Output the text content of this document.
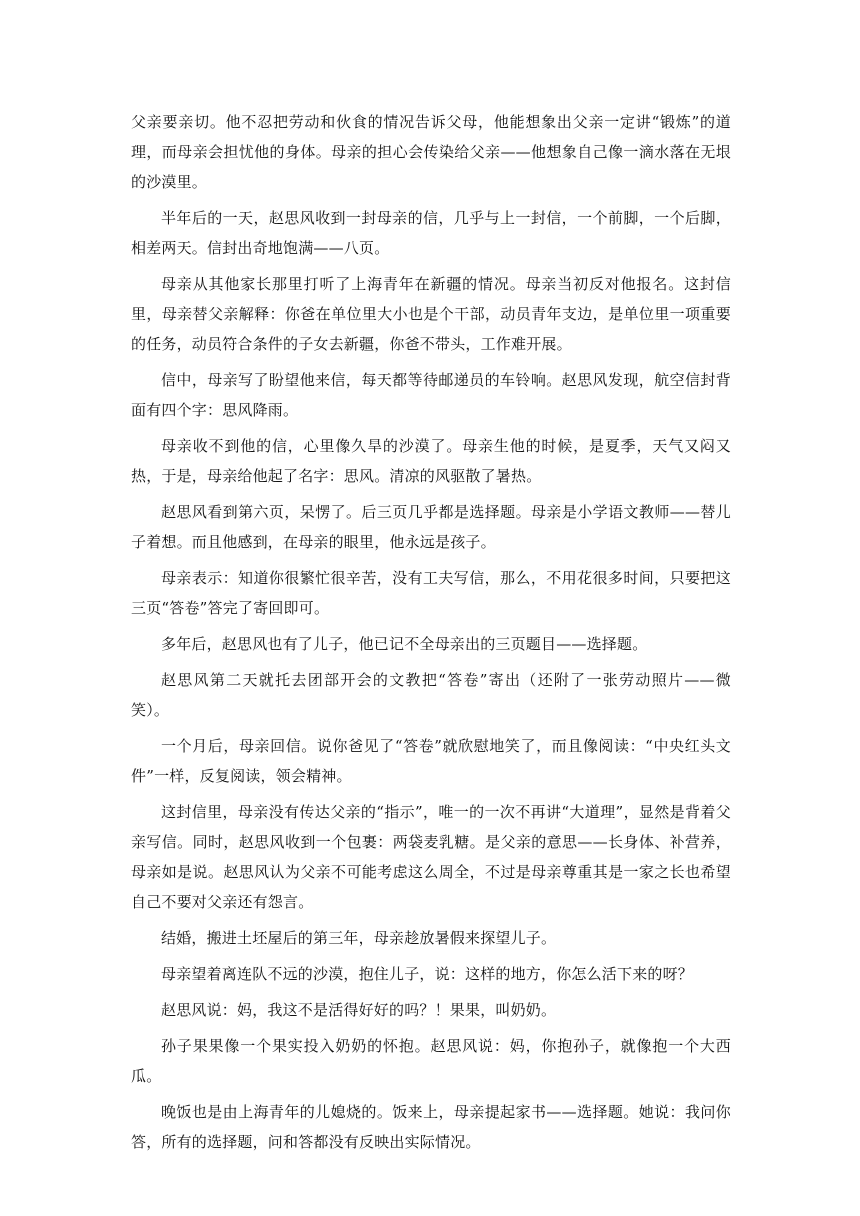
父亲要亲切。他不忍把劳动和伙食的情况告诉父母，他能想象出父亲一定讲“锻炼”的道理，而母亲会担忧他的身体。母亲的担心会传染给父亲——他想象自己像一滴水落在无垠的沙漠里。

半年后的一天，赵思风收到一封母亲的信，几乎与上一封信，一个前脚，一个后脚，相差两天。信封出奇地饱满——八页。

母亲从其他家长那里打听了上海青年在新疆的情况。母亲当初反对他报名。这封信里，母亲替父亲解释：你爸在单位里大小也是个干部，动员青年支边，是单位里一项重要的任务，动员符合条件的子女去新疆，你爸不带头，工作难开展。

信中，母亲写了盼望他来信，每天都等待邮递员的车铃响。赵思风发现，航空信封背面有四个字：思风降雨。

母亲收不到他的信，心里像久旱的沙漠了。母亲生他的时候，是夏季，天气又闷又热，于是，母亲给他起了名字：思风。清凉的风驱散了暑热。

赵思风看到第六页，呆愣了。后三页几乎都是选择题。母亲是小学语文教师——替儿子着想。而且他感到，在母亲的眼里，他永远是孩子。

母亲表示：知道你很繁忙很辛苦，没有工夫写信，那么，不用花很多时间，只要把这三页“答卷”答完了寄回即可。

多年后，赵思风也有了儿子，他已记不全母亲出的三页题目——选择题。

赵思风第二天就托去团部开会的文教把“答卷”寄出（还附了一张劳动照片——微笑）。

一个月后，母亲回信。说你爸见了“答卷”就欣慰地笑了，而且像阅读：“中央红头文件”一样，反复阅读，领会精神。

这封信里，母亲没有传达父亲的“指示”，唯一的一次不再讲“大道理”，显然是背着父亲写信。同时，赵思风收到一个包裹：两袋麦乳糖。是父亲的意思——长身体、补营养，母亲如是说。赵思风认为父亲不可能考虑这么周全，不过是母亲尊重其是一家之长也希望自己不要对父亲还有怨言。

结婚，搬进土坯屋后的第三年，母亲趁放暑假来探望儿子。

母亲望着离连队不远的沙漠，抱住儿子，说：这样的地方，你怎么活下来的呀？

赵思风说：妈，我这不是活得好好的吗？！果果，叫奶奶。

孙子果果像一个果实投入奶奶的怀抱。赵思风说：妈，你抱孙子，就像抱一个大西瓜。

晚饭也是由上海青年的儿媳烧的。饭来上，母亲提起家书——选择题。她说：我问你答，所有的选择题，问和答都没有反映出实际情况。
